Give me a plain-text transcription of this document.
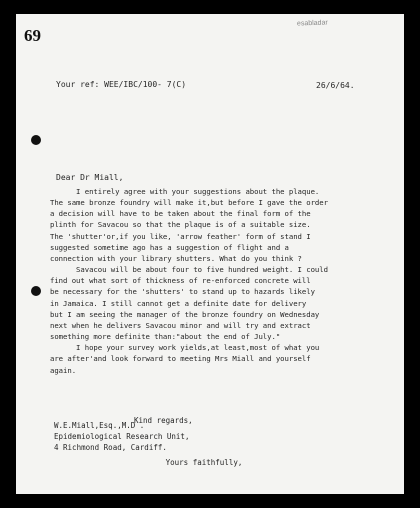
69
esabladar
Your ref: WEE/IBC/100- 7(C)	26/6/64.
Dear Dr Miall,
I entirely agree with your suggestions about the plaque.
The same bronze foundry will make it,but before I gave the order
a decision will have to be taken about the final form of the
plinth for Savacou so that the plaque is of a suitable size.
The 'shutter'or,if you like, 'arrow feather' form of stand I
suggested sometime ago has a suggestion of flight and a
connection with your library shutters. What do you think ?
Savacou will be about four to five hundred weight. I could
find out what sort of thickness of re-enforced concrete will
be necessary for the 'shutters' to stand up to hazards likely
in Jamaica. I still cannot get a definite date for delivery
but I am seeing the manager of the bronze foundry on Wednesday
next when he delivers Savacou minor and will try and extract
something more definite than:"about the end of July."
I hope your survey work yields,at least,most of what you
are after'and look forward to meeting Mrs Miall and yourself
again.

Kind regards,

Yours faithfully,

W.E.Miall,Esq.,M.D .
Epidemiological Research Unit,
4 Richmond Road, Cardiff.
